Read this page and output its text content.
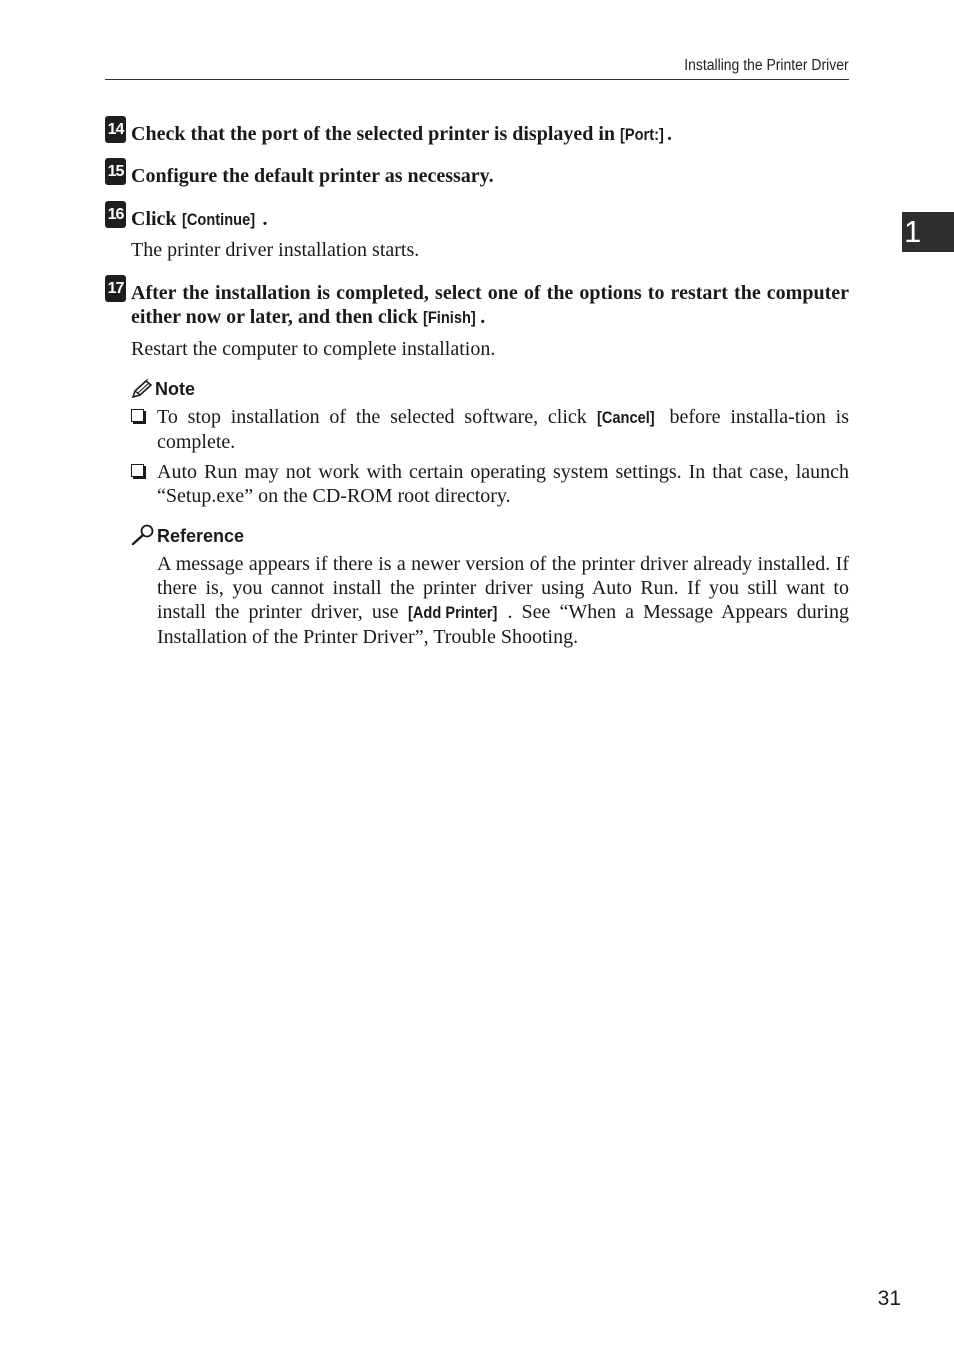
Installing the Printer Driver
1
14 Check that the port of the selected printer is displayed in [Port:] .
15 Configure the default printer as necessary.
16 Click [Continue] .
The printer driver installation starts.
17 After the installation is completed, select one of the options to restart the computer either now or later, and then click [Finish] .
Restart the computer to complete installation.
Note
To stop installation of the selected software, click [Cancel] before installa-tion is complete.
Auto Run may not work with certain operating system settings. In that case, launch “Setup.exe” on the CD-ROM root directory.
Reference
A message appears if there is a newer version of the printer driver already installed. If there is, you cannot install the printer driver using Auto Run. If you still want to install the printer driver, use [Add Printer] . See “When a Message Appears during Installation of the Printer Driver”, Trouble Shooting.
31
